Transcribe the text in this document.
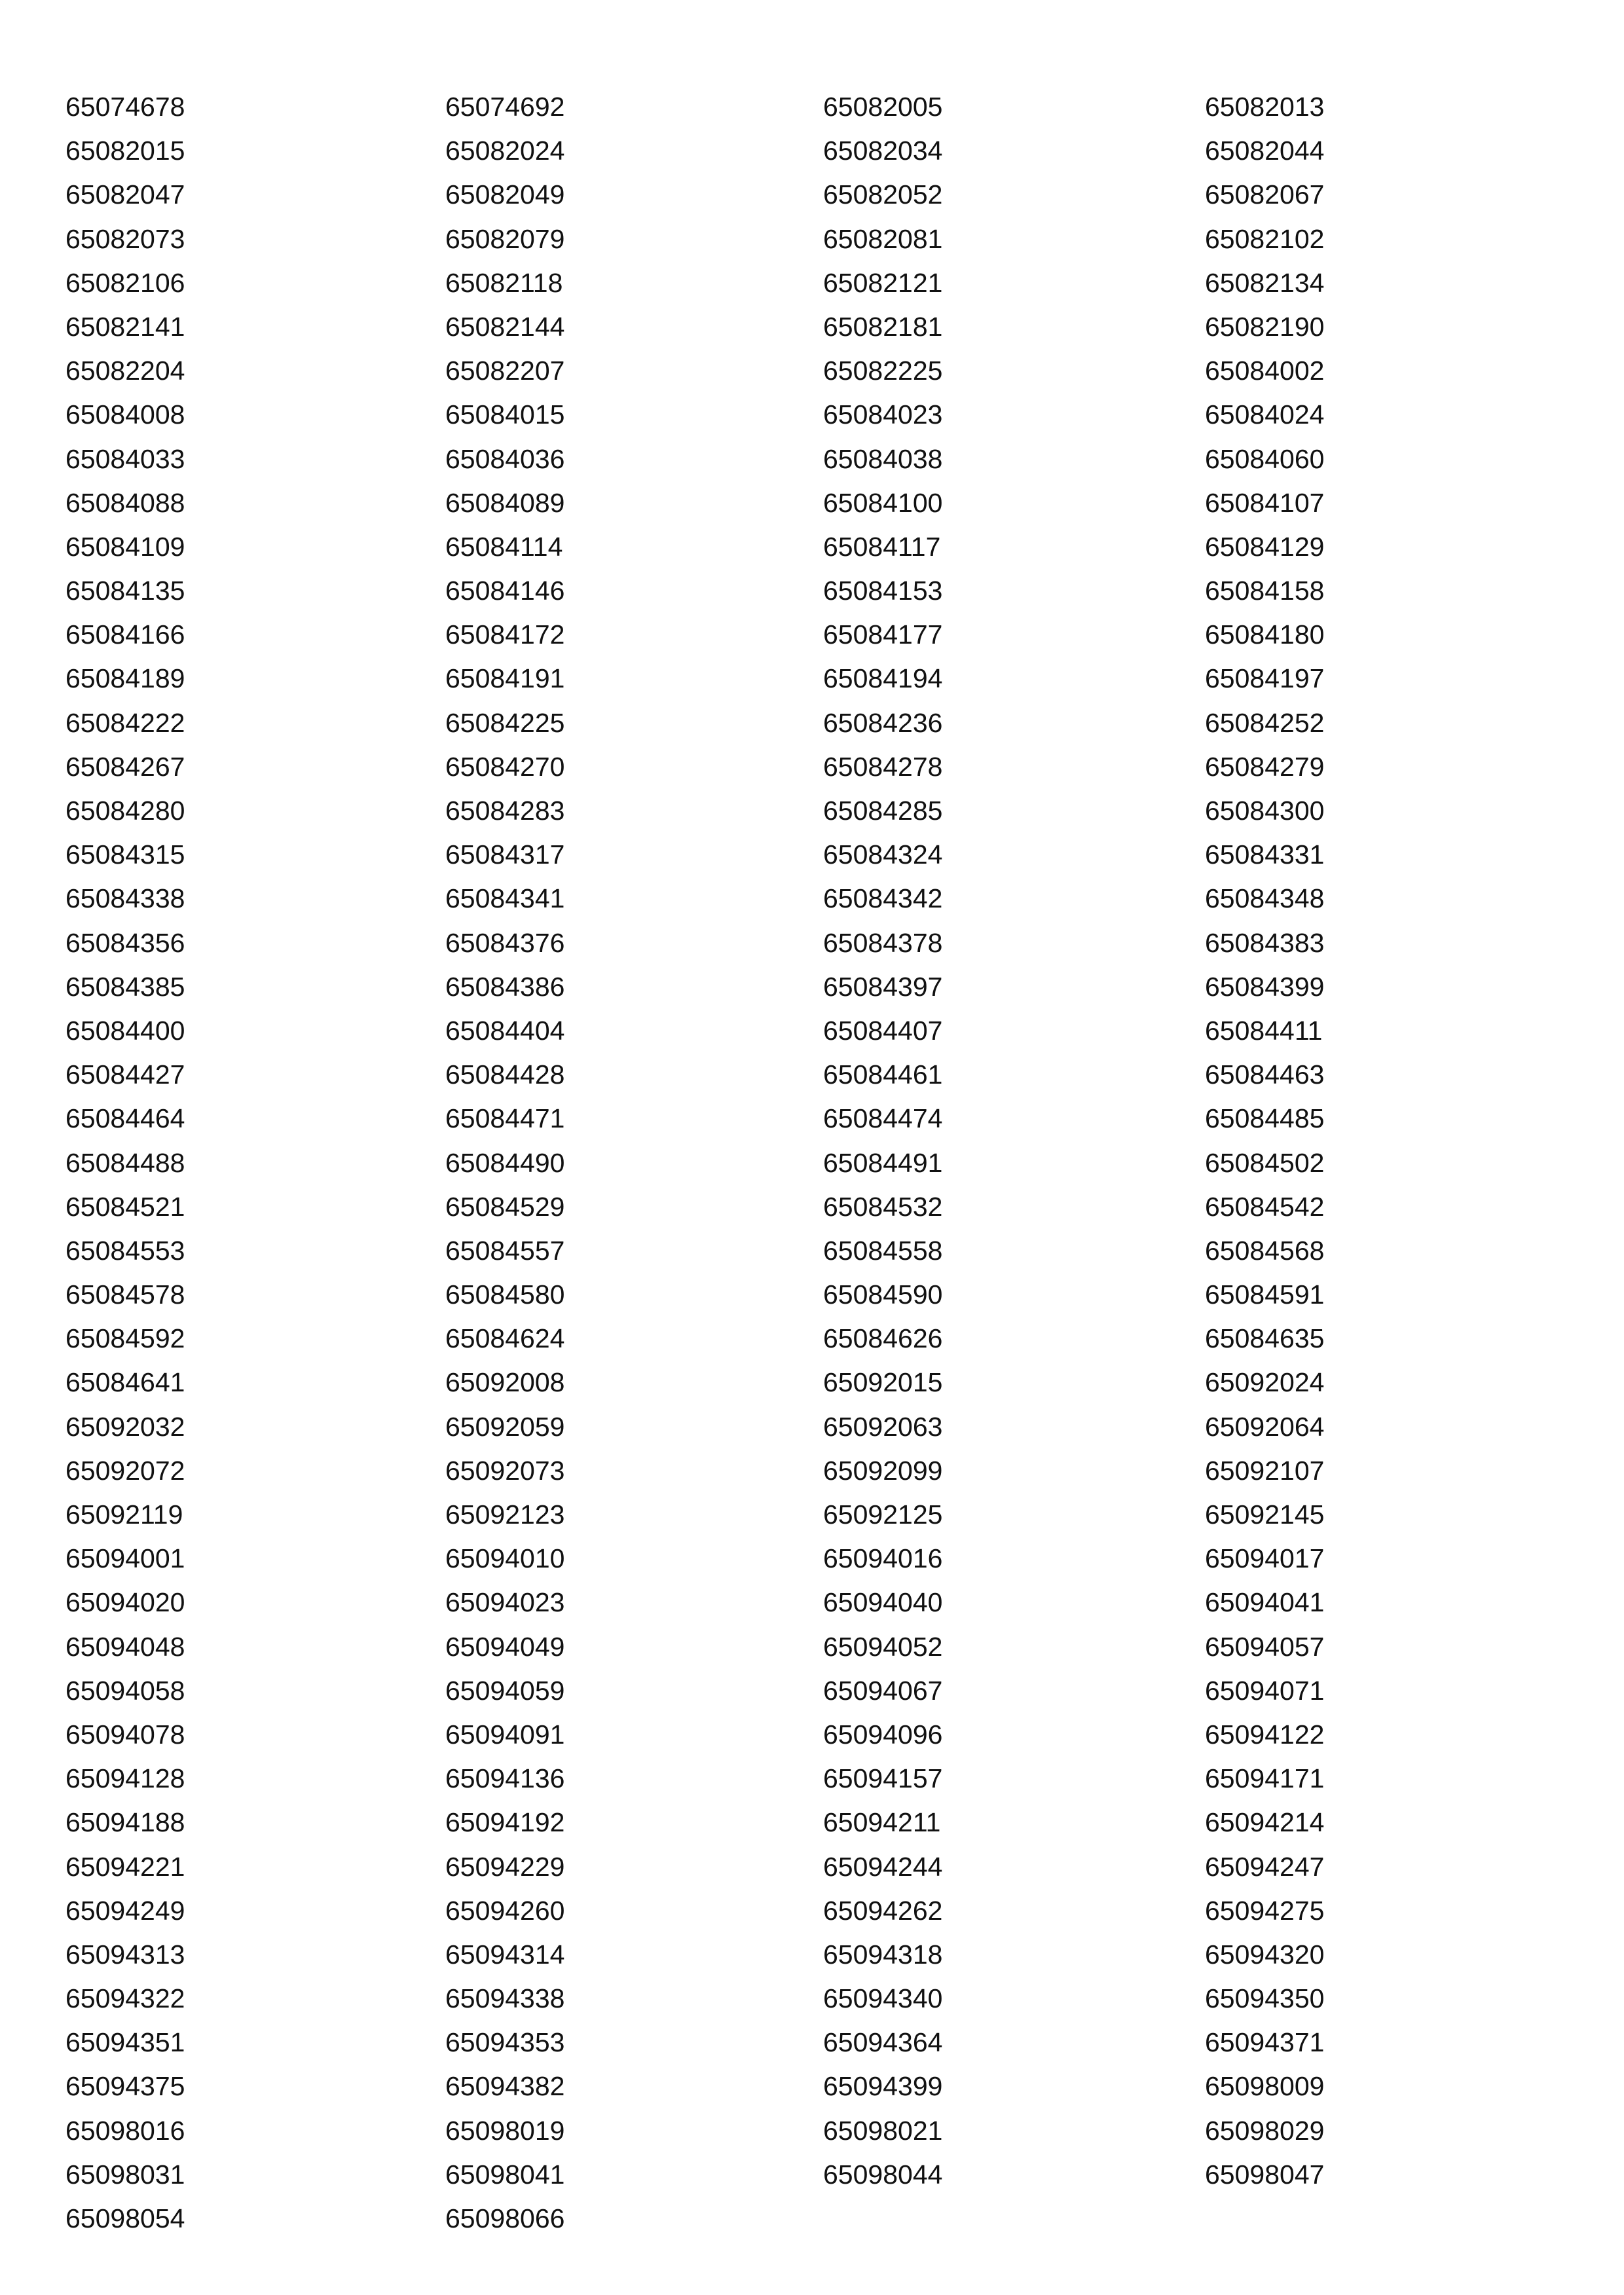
65074678	65074692	65082005	65082013
65082015	65082024	65082034	65082044
65082047	65082049	65082052	65082067
65082073	65082079	65082081	65082102
65082106	65082118	65082121	65082134
65082141	65082144	65082181	65082190
65082204	65082207	65082225	65084002
65084008	65084015	65084023	65084024
65084033	65084036	65084038	65084060
65084088	65084089	65084100	65084107
65084109	65084114	65084117	65084129
65084135	65084146	65084153	65084158
65084166	65084172	65084177	65084180
65084189	65084191	65084194	65084197
65084222	65084225	65084236	65084252
65084267	65084270	65084278	65084279
65084280	65084283	65084285	65084300
65084315	65084317	65084324	65084331
65084338	65084341	65084342	65084348
65084356	65084376	65084378	65084383
65084385	65084386	65084397	65084399
65084400	65084404	65084407	65084411
65084427	65084428	65084461	65084463
65084464	65084471	65084474	65084485
65084488	65084490	65084491	65084502
65084521	65084529	65084532	65084542
65084553	65084557	65084558	65084568
65084578	65084580	65084590	65084591
65084592	65084624	65084626	65084635
65084641	65092008	65092015	65092024
65092032	65092059	65092063	65092064
65092072	65092073	65092099	65092107
65092119	65092123	65092125	65092145
65094001	65094010	65094016	65094017
65094020	65094023	65094040	65094041
65094048	65094049	65094052	65094057
65094058	65094059	65094067	65094071
65094078	65094091	65094096	65094122
65094128	65094136	65094157	65094171
65094188	65094192	65094211	65094214
65094221	65094229	65094244	65094247
65094249	65094260	65094262	65094275
65094313	65094314	65094318	65094320
65094322	65094338	65094340	65094350
65094351	65094353	65094364	65094371
65094375	65094382	65094399	65098009
65098016	65098019	65098021	65098029
65098031	65098041	65098044	65098047
65098054	65098066
